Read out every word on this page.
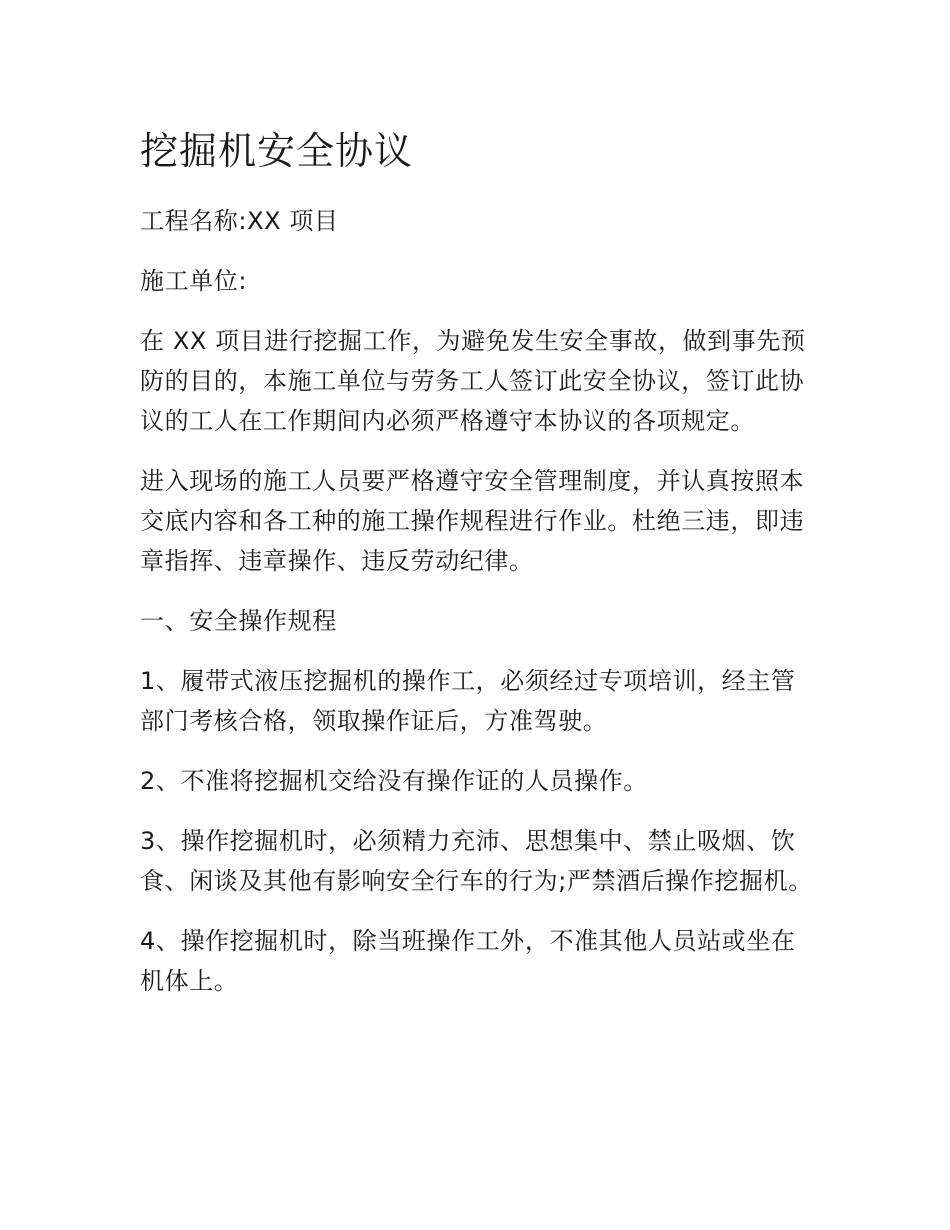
挖掘机安全协议

工程名称:XX 项目

施工单位:

在 XX 项目进行挖掘工作，为避免发生安全事故，做到事先预防的目的，本施工单位与劳务工人签订此安全协议，签订此协议的工人在工作期间内必须严格遵守本协议的各项规定。

进入现场的施工人员要严格遵守安全管理制度，并认真按照本交底内容和各工种的施工操作规程进行作业。杜绝三违，即违章指挥、违章操作、违反劳动纪律。

一、安全操作规程

1、履带式液压挖掘机的操作工，必须经过专项培训，经主管部门考核合格，领取操作证后，方准驾驶。

2、不准将挖掘机交给没有操作证的人员操作。

3、操作挖掘机时，必须精力充沛、思想集中、禁止吸烟、饮食、闲谈及其他有影响安全行车的行为;严禁酒后操作挖掘机。

4、操作挖掘机时，除当班操作工外，不准其他人员站或坐在机体上。
